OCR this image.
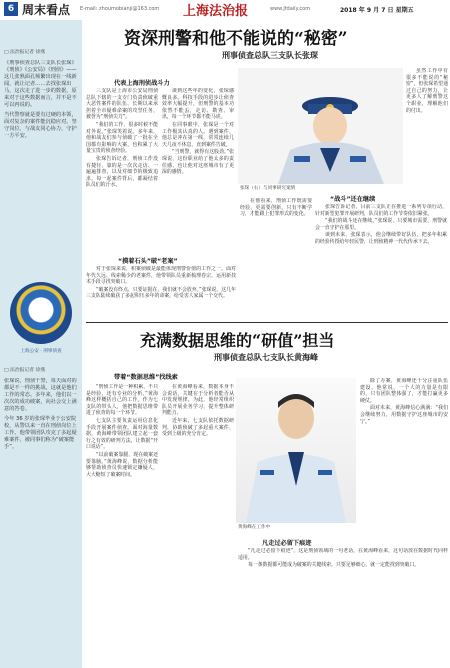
6 周末看点 E-mail: zhoumobianji@163.com 上海法治报	www.jfdaily.com	2018 年 9 月 7 日 星期五
□ 法治报记者 徐燕

《刑事侦查总队三支队长张琛》《刑侦》《公安局》《刑侦》——这几张熟面孔频繁出现在一线新闻，就让记者……去找张琛出马，这次走了进一步的数据，原来对于这些数据而言，并不是不可以再说的。

当代警察就是要有过硬的本领，面对复杂的案件能沉稳应对。坚守岗位，与战友同心协力，守护一方平安。

上海公安 · 刑事侦查
□ 法治报记者 徐燕

张琛说，刑侦干警，每天面对的都是不一样的挑战，这就是他们工作的常态。多年来，他们以一次次的成功破案，向社会交上满意的答卷。

今年 36 岁的张琛毕业于公安院校，从警以来一直在刑侦岗位上工作。他带领团队攻克了多起疑难案件，被同事们称为“破案能手”。

资深刑警和他不能说的“秘密”
刑事侦查总队三支队长张琛
代表上海刑侦战斗力

三支队是上海市公安局刑侦总队下辖的一支专门负责侦破重大恶性案件的队伍，长期以来承担着全市疑难命案的攻坚任务，被誉为“刑侦尖刀”。

“我们的工作，很多时候不能对外说。”张琛笑着说。多年来，他和战友们参与侦破了一批在全国都有影响的大案，也积累了大量宝贵的侦查经验。

张琛告诉记者，刑侦工作没有捷径，靠的是一次次走访、一遍遍排查，以及对细节的极致追求。每一起案件背后，都凝结着队员们的汗水。

谈到这些年的变化，张琛感慨良多。科技手段的进步让侦查效率大幅提升，但刑警的基本功依然不能丢，走访、勘查、审讯，每一个环节都不能马虎。

在同事眼中，张琛是一个对工作极其认真的人。遇到案件，他总是冲在第一线，常常连续几天几夜不休息，直到案件告破。

“当刑警，就得有这股劲。”张琛说，这份职业给了他太多的责任感，也让他对这座城市有了更深的感情。

张琛（右）与同事研究案情

虽然工作中有很多不能说的“秘密”，但张琛希望通过自己的努力，让更多人了解刑警这个职业，理解他们的付出。

“战斗”还在继续

张琛告诉记者，目前三支队正在推进一系列专项行动，针对新型犯罪开展研判，队员们的工作节奏依旧紧张。

“我们的战斗还在继续。”张琛说，只要城市需要，刑警就会一直守护在那里。

谈到未来，张琛表示，他会继续带好队伍，把多年积累的经验传授给年轻民警，让刑侦精神一代代传承下去。

“摸着石头”破“老案”

对于张琛来说，积案侦破是最能体现刑警价值的工作之一。面对年代久远、线索稀少的老案件，他带领队员重新梳理卷宗，运用新技术手段寻找突破口。

“破案没有终点，只要证据在，我们就不会放弃。”张琛说，这几年三支队陆续破获了多起积压多年的命案，给受害人家属一个交代。

在他看来，刑侦工作既需要经验，更需要创新，只有不断学习，才能跟上犯罪形式的变化。

充满数据思维的“研值”担当
刑事侦查总队七支队长黄海峰
带着“数据思维”找线索

“刑侦工作是一种积累，不只是经验，还有专业的分析。”黄海峰这样概括自己的工作。作为七支队的带头人，他把数据思维带进了侦查的每一个环节。

七支队主要负责运用信息化手段开展案件侦查。面对海量数据，黄海峰带领团队建立起一套行之有效的研判方法，让数据“开口说话”。

“以前破案靠腿，现在破案还要靠脑。”黄海峰说，数据分析能够帮助侦查员快速锁定嫌疑人，大大缩短了破案时间。

在黄海峰看来，数据本身不会说话，关键在于分析者能否从中发现规律。为此，他经常组织队员开展业务学习，提升整体研判能力。

近年来，七支队依托数据研判，协助侦破了多起重大案件，受到上级的充分肯定。

黄海峰在工作中

除了办案，黄海峰还十分注重队伍建设。他常说，一个人的力量是有限的，只有团队整体强了，才能打赢更多硬仗。

面对未来，黄海峰信心满满：“我们会继续努力，用数据守护这座城市的安宁。”

凡走过必留下痕迹

“凡走过必留下痕迹”，这是刑侦领域的一句老话，在黄海峰看来，这句话放在数据时代同样适用。

每一条数据都可能成为破案的关键线索，只要足够细心，就一定能找到突破口。
